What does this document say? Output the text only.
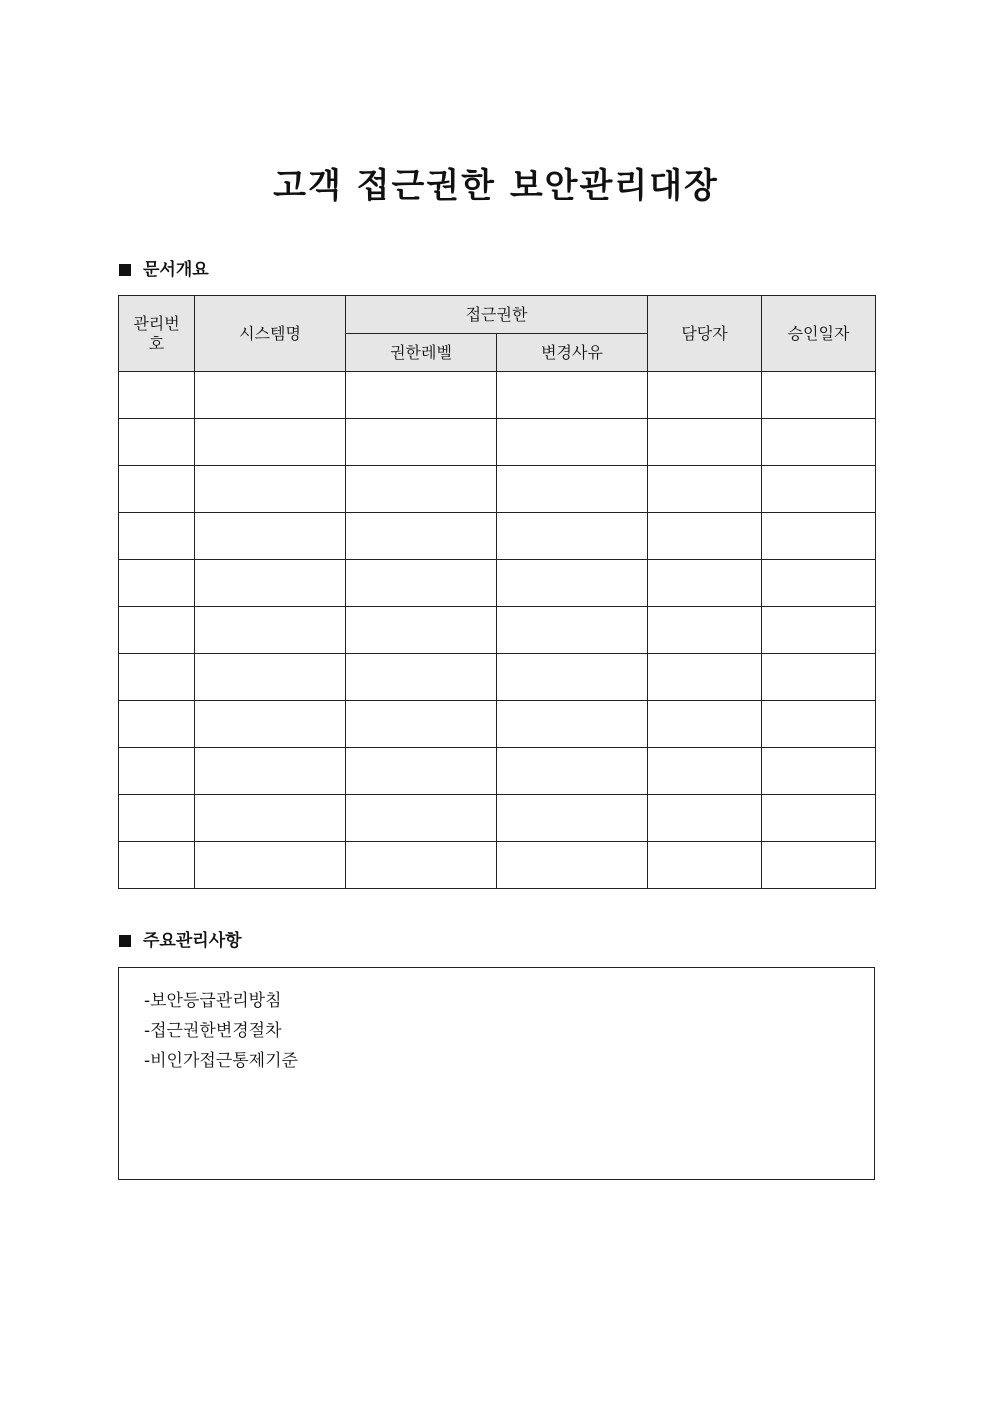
고객 접근권한 보안관리대장
문서개요
관리번호	시스템명	접근권한		담당자	승인일자
		권한레벨	변경사유		

주요관리사항
-보안등급관리방침
-접근권한변경절차
-비인가접근통제기준
